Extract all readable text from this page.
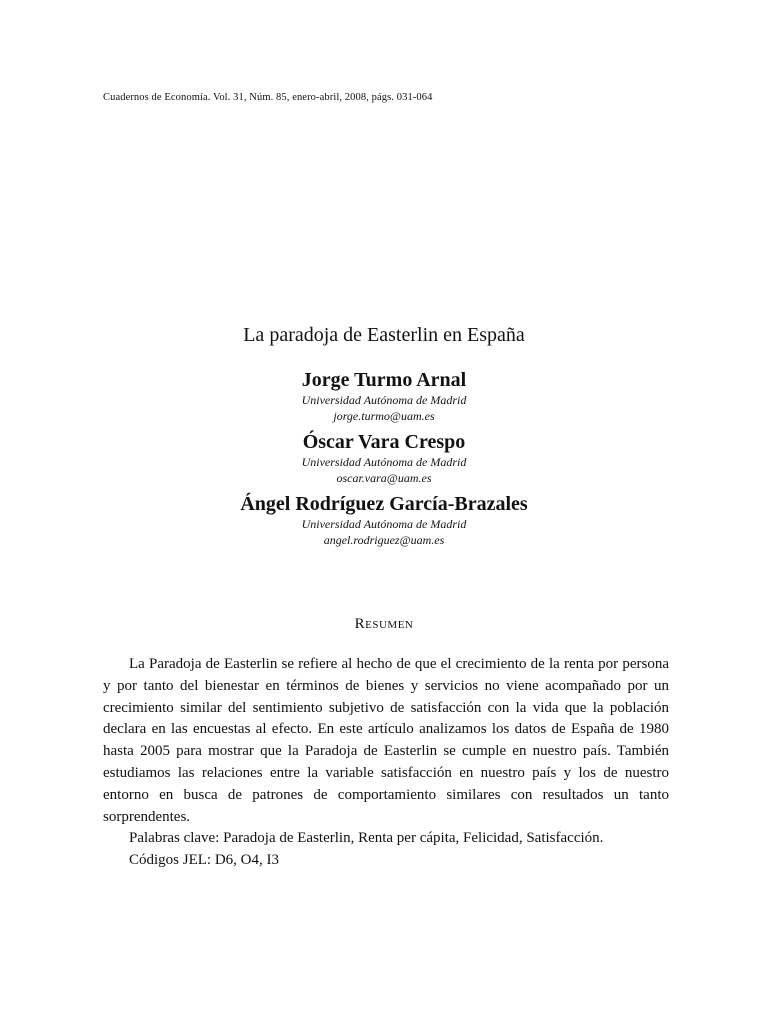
Cuadernos de Economía. Vol. 31, Núm. 85, enero-abril, 2008, págs. 031-064
La paradoja de Easterlin en España
Jorge Turmo Arnal
Universidad Autónoma de Madrid
jorge.turmo@uam.es
Óscar Vara Crespo
Universidad Autónoma de Madrid
oscar.vara@uam.es
Ángel Rodríguez García-Brazales
Universidad Autónoma de Madrid
angel.rodriguez@uam.es
Resumen

La Paradoja de Easterlin se refiere al hecho de que el crecimiento de la renta por persona y por tanto del bienestar en términos de bienes y servicios no viene acompañado por un crecimiento similar del sentimiento subjetivo de satisfacción con la vida que la población declara en las encuestas al efecto. En este artículo analizamos los datos de España de 1980 hasta 2005 para mostrar que la Paradoja de Easterlin se cumple en nuestro país. También estudiamos las relaciones entre la variable satisfacción en nuestro país y los de nuestro entorno en busca de patrones de comportamiento similares con resultados un tanto sorprendentes.

Palabras clave: Paradoja de Easterlin, Renta per cápita, Felicidad, Satisfacción.

Códigos JEL: D6, O4, I3
